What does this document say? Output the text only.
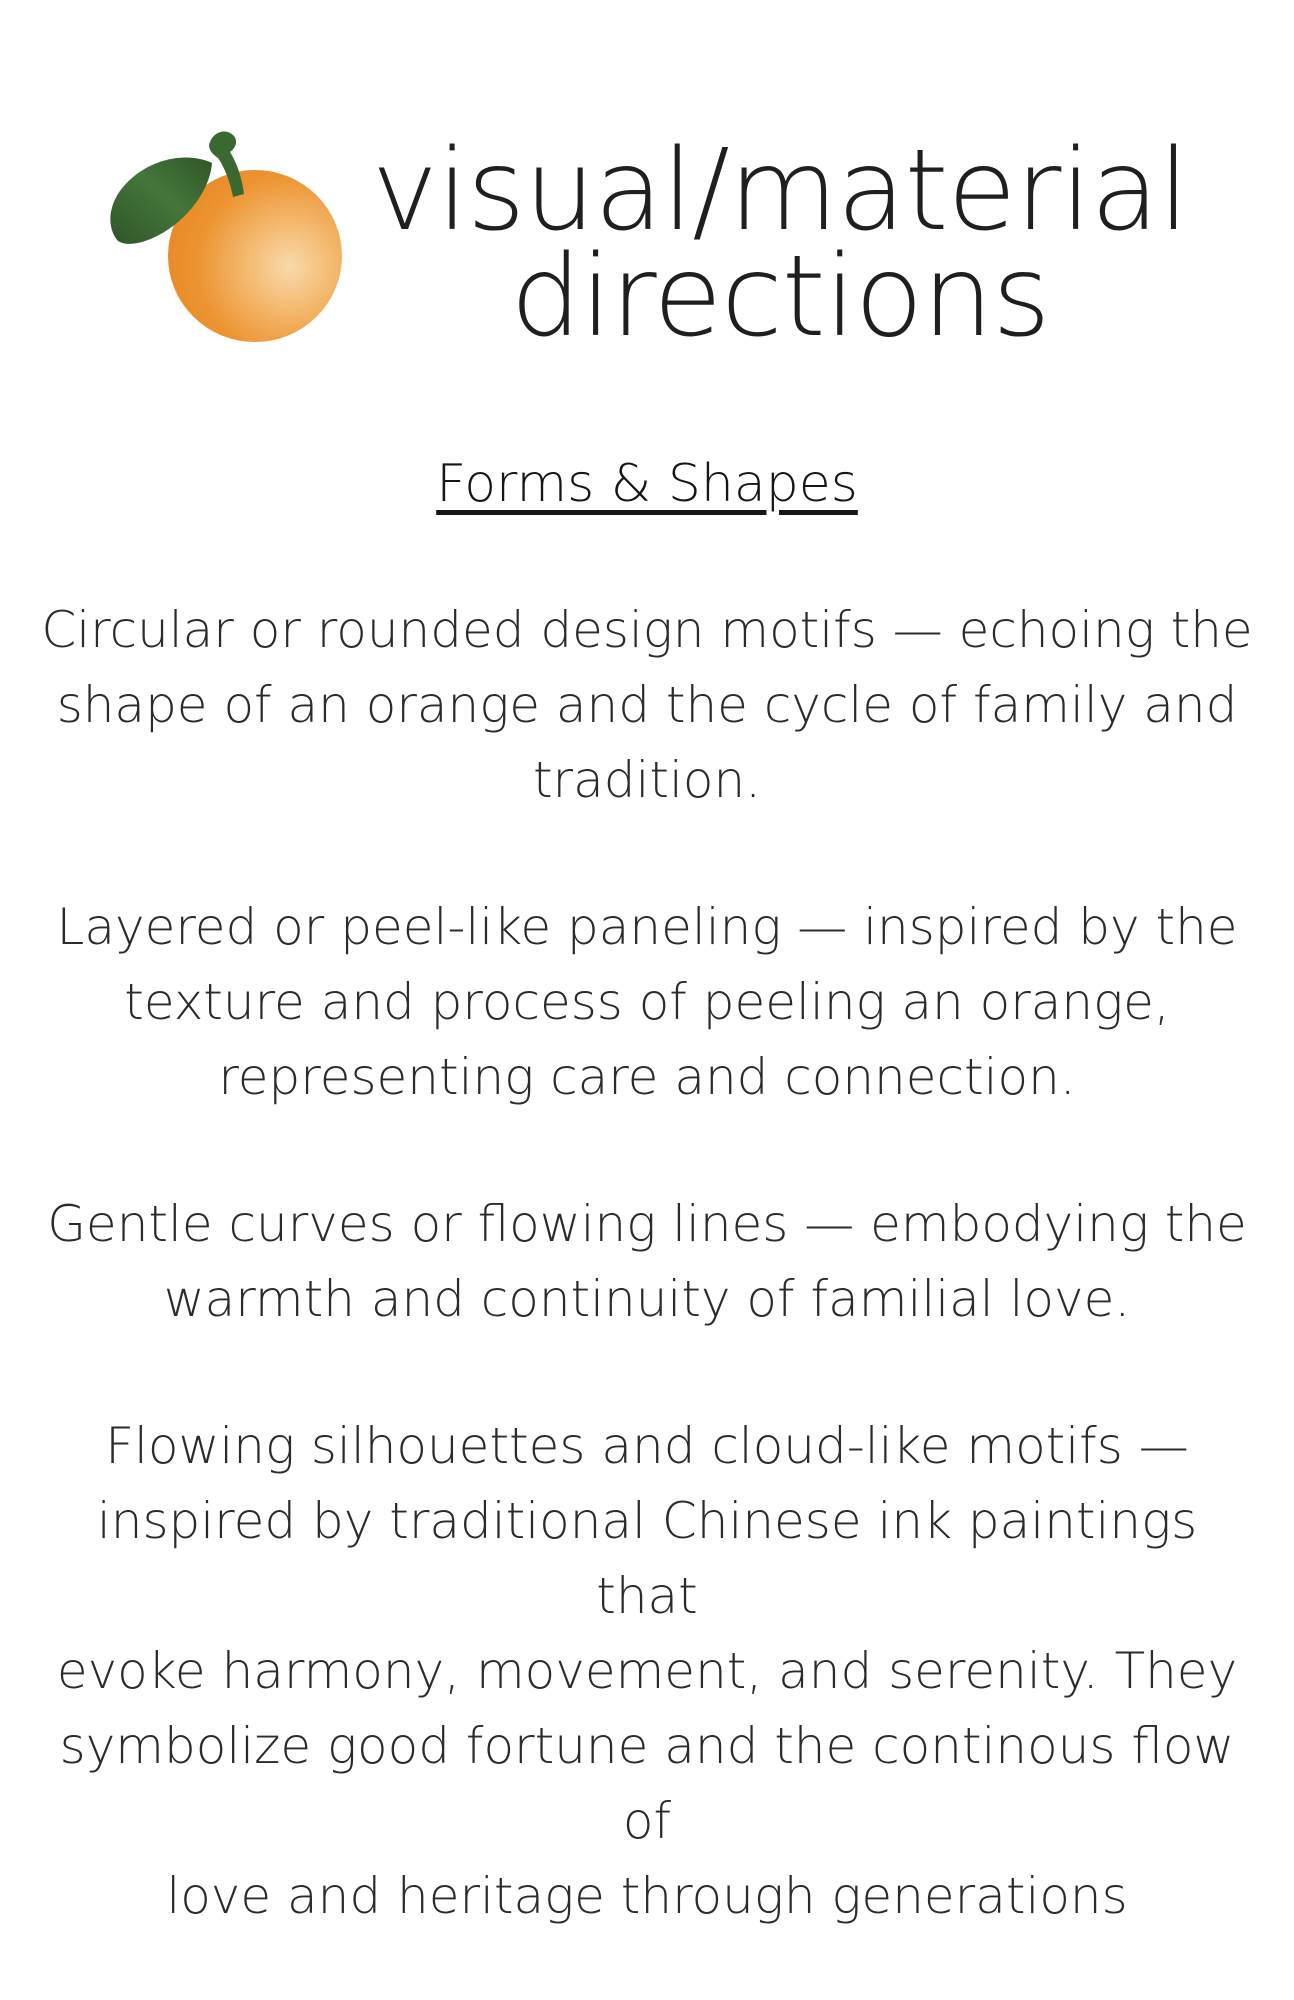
visual/material
directions
Forms & Shapes

Circular or rounded design motifs — echoing the
shape of an orange and the cycle of family and
tradition.

Layered or peel-like paneling — inspired by the
texture and process of peeling an orange,
representing care and connection.

Gentle curves or flowing lines — embodying the
warmth and continuity of familial love.

Flowing silhouettes and cloud-like motifs —
inspired by traditional Chinese ink paintings that
evoke harmony, movement, and serenity. They
symbolize good fortune and the continous flow of
love and heritage through generations
